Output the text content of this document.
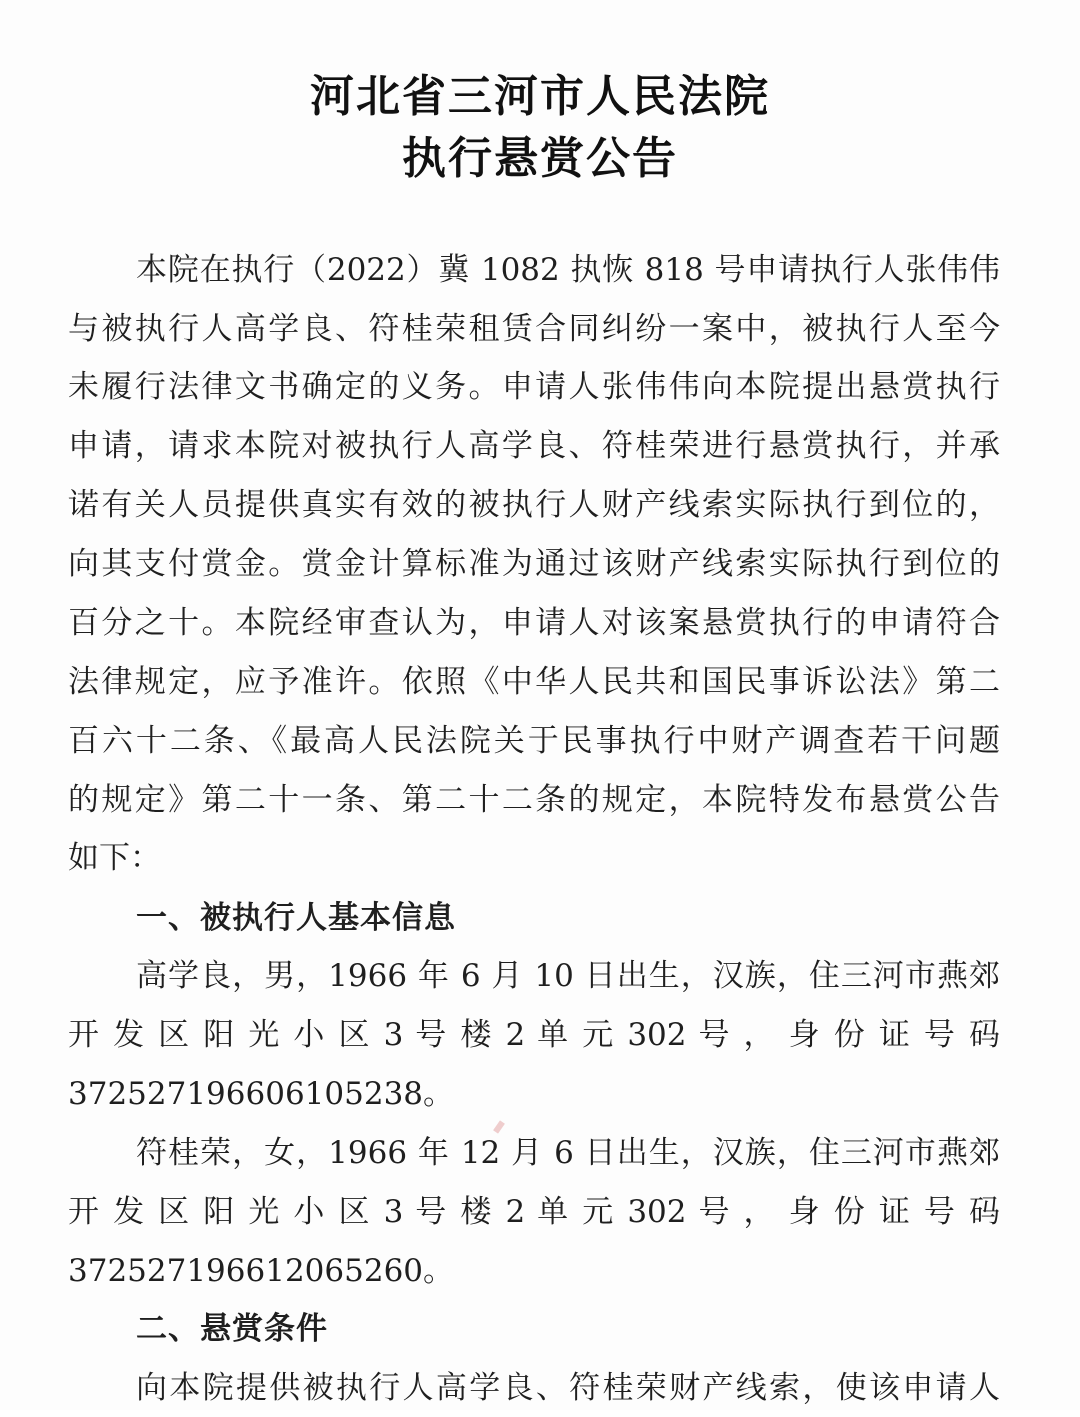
河北省三河市人民法院
执行悬赏公告
本院在执行（2022）冀 1082 执恢 818 号申请执行人张伟伟
与被执行人高学良、符桂荣租赁合同纠纷一案中，被执行人至今
未履行法律文书确定的义务。申请人张伟伟向本院提出悬赏执行
申请，请求本院对被执行人高学良、符桂荣进行悬赏执行，并承
诺有关人员提供真实有效的被执行人财产线索实际执行到位的，
向其支付赏金。赏金计算标准为通过该财产线索实际执行到位的
百分之十。本院经审查认为，申请人对该案悬赏执行的申请符合
法律规定，应予准许。依照《中华人民共和国民事诉讼法》第二
百六十二条、《最高人民法院关于民事执行中财产调查若干问题
的规定》第二十一条、第二十二条的规定，本院特发布悬赏公告
如下：
一、被执行人基本信息
高学良，男，1966 年 6 月 10 日出生，汉族，住三河市燕郊
开 发 区 阳 光 小 区 3 号 楼 2 单 元 302 号 ， 身 份 证 号 码
372527196606105238。
符桂荣，女，1966 年 12 月 6 日出生，汉族，住三河市燕郊
开 发 区 阳 光 小 区 3 号 楼 2 单 元 302 号 ， 身 份 证 号 码
372527196612065260。
二、悬赏条件
向本院提供被执行人高学良、符桂荣财产线索，使该申请人
